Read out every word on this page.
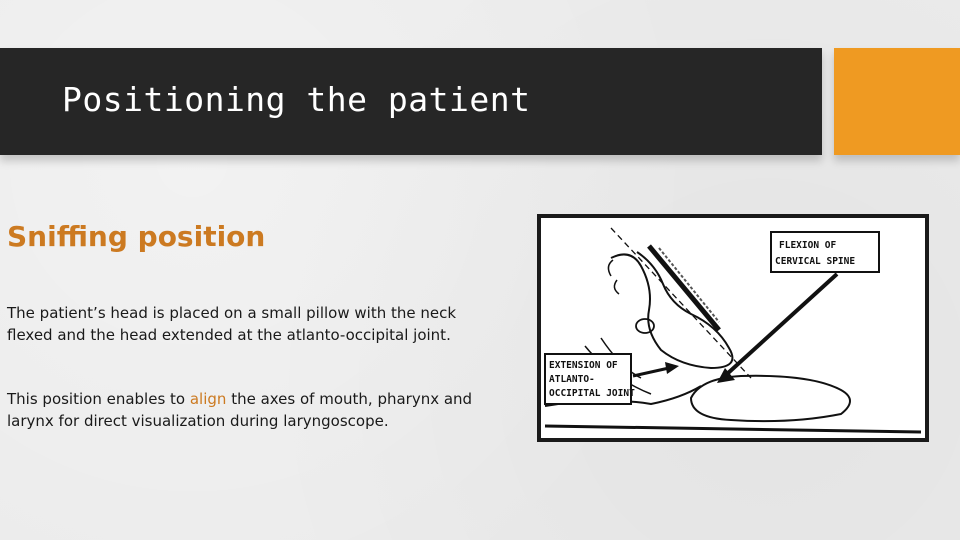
Positioning the patient
Sniffing position
The patient’s head is placed on a small pillow with the neck flexed and the head extended at the atlanto-occipital joint.
This position enables to align the axes of mouth, pharynx and larynx for direct visualization during laryngoscope.
FLEXION OF
CERVICAL SPINE
EXTENSION OF
ATLANTO-
OCCIPITAL JOINT
